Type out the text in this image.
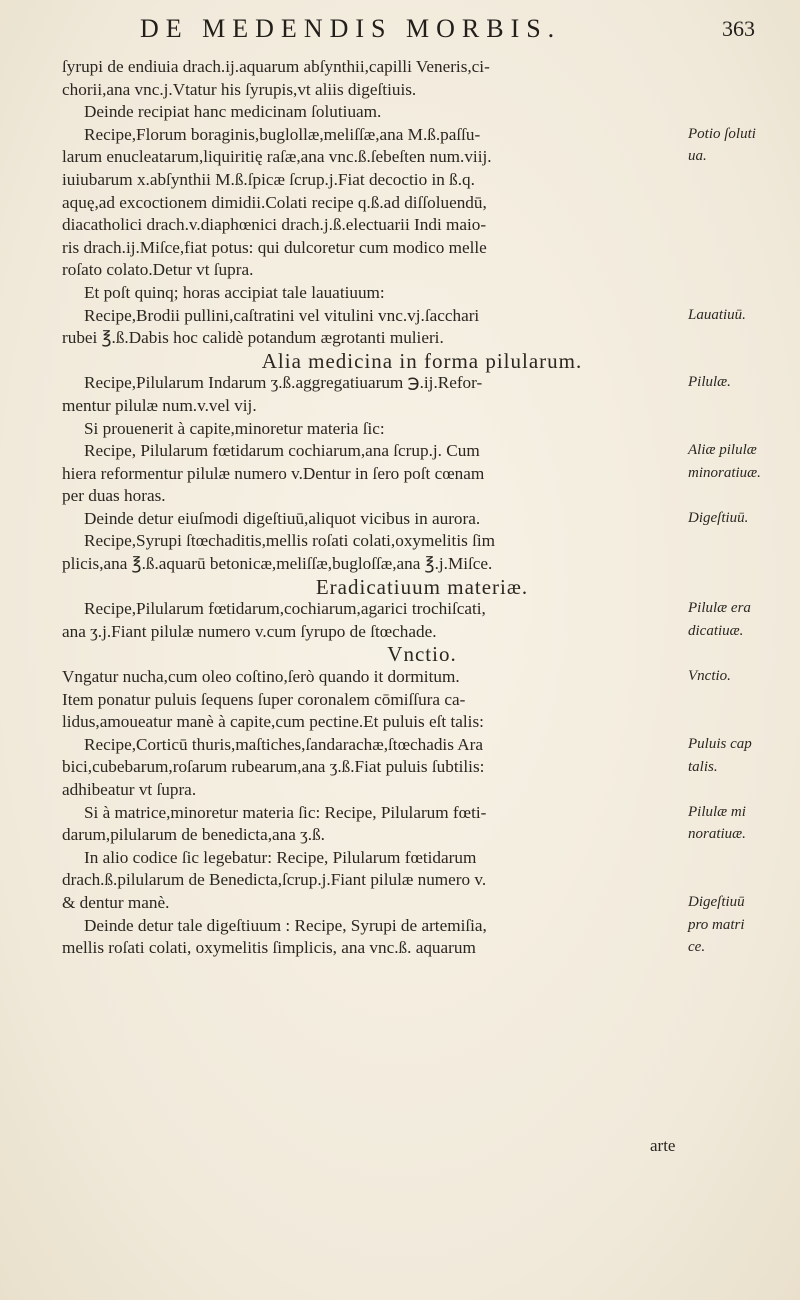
DE MEDENDIS MORBIS.	363
ſyrupi de endiuia drach.ij.aquarum abſynthii,capilli Veneris,ci-
chorii,ana vnc.j.Vtatur his ſyrupis,vt aliis digeſtiuis.
Deinde recipiat hanc medicinam ſolutiuam.
Recipe,Florum boraginis,buglollæ,meliſſæ,ana M.ß.paſſu-
larum enucleatarum,liquiritię raſæ,ana vnc.ß.ſebeſten num.viij.
iuiubarum x.abſynthii M.ß.ſpicæ ſcrup.j.Fiat decoctio in ß.q.
aquę,ad excoctionem dimidii.Colati recipe q.ß.ad diſſoluendū,
diacatholici drach.v.diaphœnici drach.j.ß.electuarii Indi maio-
ris drach.ij.Miſce,fiat potus: qui dulcoretur cum modico melle
roſato colato.Detur vt ſupra.
Et poſt quinq; horas accipiat tale lauatiuum:
Recipe,Brodii pullini,caſtratini vel vitulini vnc.vj.ſacchari
rubei ℥.ß.Dabis hoc calidè potandum ægrotanti mulieri.
Alia medicina in forma pilularum.
Recipe,Pilularum Indarum ʒ.ß.aggregatiuarum ℈.ij.Refor-
mentur pilulæ num.v.vel vij.
Si prouenerit à capite,minoretur materia ſic:
Recipe, Pilularum fœtidarum cochiarum,ana ſcrup.j. Cum
hiera reformentur pilulæ numero v.Dentur in ſero poſt cœnam
per duas horas.
Deinde detur eiuſmodi digeſtiuū,aliquot vicibus in aurora.
Recipe,Syrupi ſtœchaditis,mellis roſati colati,oxymelitis ſim
plicis,ana ℥.ß.aquarū betonicæ,meliſſæ,bugloſſæ,ana ℥.j.Miſce.
Eradicatiuum materiæ.
Recipe,Pilularum fœtidarum,cochiarum,agarici trochiſcati,
ana ʒ.j.Fiant pilulæ numero v.cum ſyrupo de ſtœchade.
Vnctio.
Vngatur nucha,cum oleo coſtino,ſerò quando it dormitum.
Item ponatur puluis ſequens ſuper coronalem cōmiſſura ca-
lidus,amoueatur manè à capite,cum pectine.Et puluis eſt talis:
Recipe,Corticū thuris,maſtiches,ſandarachæ,ſtœchadis Ara
bici,cubebarum,roſarum rubearum,ana ʒ.ß.Fiat puluis ſubtilis:
adhibeatur vt ſupra.
Si à matrice,minoretur materia ſic: Recipe, Pilularum fœti-
darum,pilularum de benedicta,ana ʒ.ß.
In alio codice ſic legebatur: Recipe, Pilularum fœtidarum
drach.ß.pilularum de Benedicta,ſcrup.j.Fiant pilulæ numero v.
& dentur manè.
Deinde detur tale digeſtiuum : Recipe, Syrupi de artemiſia,
mellis roſati colati, oxymelitis ſimplicis, ana vnc.ß. aquarum
Potio ſoluti
ua.
Lauatiuū.
Pilulæ.
Aliæ pilulæ
minoratiuæ.
Digeſtiuū.
Pilulæ era
dicatiuæ.
Vnctio.
Puluis cap
talis.
Pilulæ mi
noratiuæ.
Digeſtiuū
pro matri
ce.
arte
